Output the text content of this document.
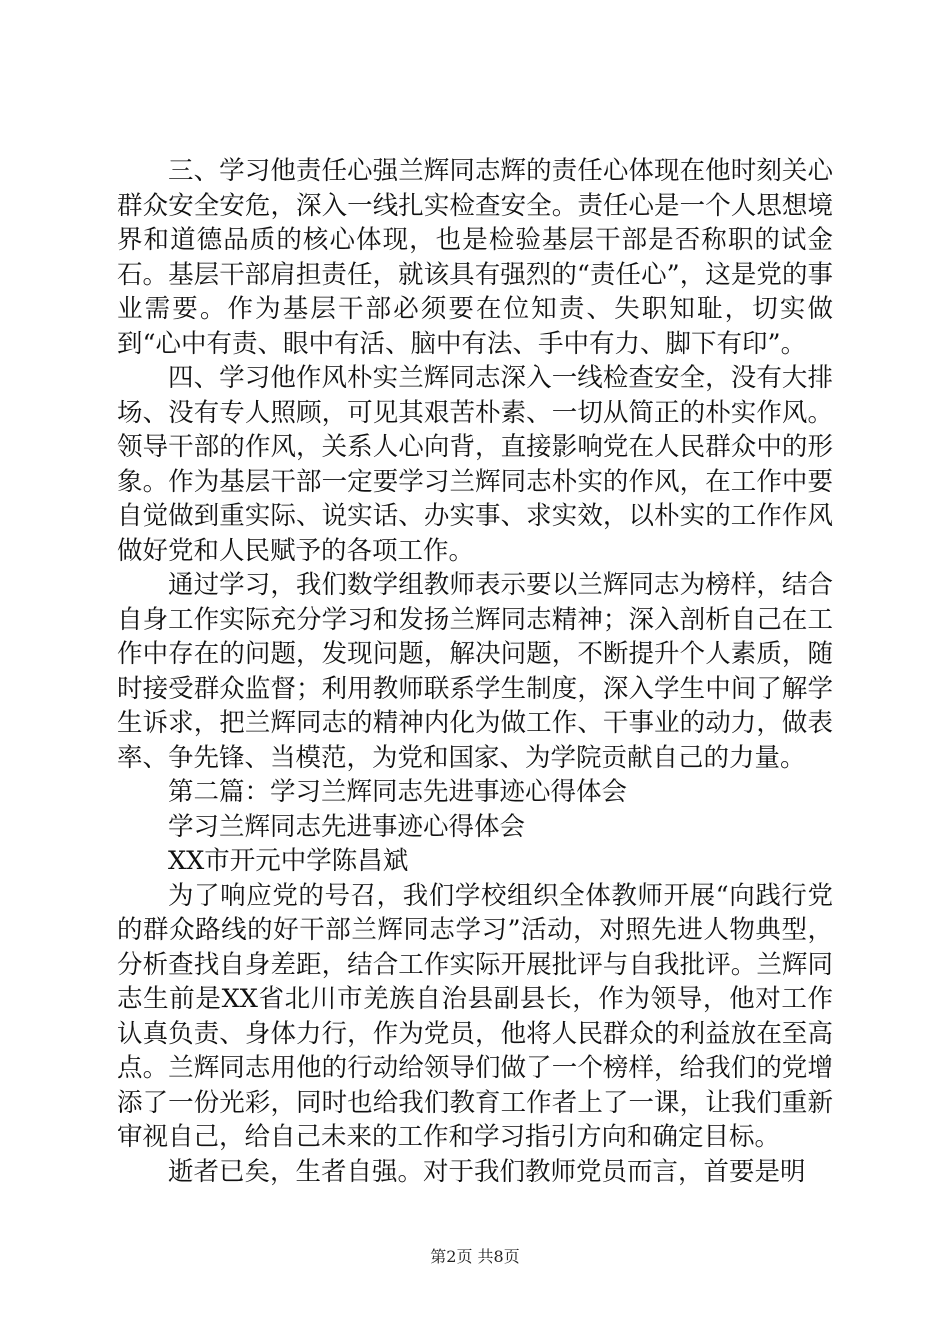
三、学习他责任心强兰辉同志辉的责任心体现在他时刻关心群众安全安危，深入一线扎实检查安全。责任心是一个人思想境界和道德品质的核心体现，也是检验基层干部是否称职的试金石。基层干部肩担责任，就该具有强烈的“责任心”，这是党的事业需要。作为基层干部必须要在位知责、失职知耻，切实做到“心中有责、眼中有活、脑中有法、手中有力、脚下有印”。

四、学习他作风朴实兰辉同志深入一线检查安全，没有大排场、没有专人照顾，可见其艰苦朴素、一切从简正的朴实作风。领导干部的作风，关系人心向背，直接影响党在人民群众中的形象。作为基层干部一定要学习兰辉同志朴实的作风，在工作中要自觉做到重实际、说实话、办实事、求实效，以朴实的工作作风做好党和人民赋予的各项工作。

通过学习，我们数学组教师表示要以兰辉同志为榜样，结合自身工作实际充分学习和发扬兰辉同志精神；深入剖析自己在工作中存在的问题，发现问题，解决问题，不断提升个人素质，随时接受群众监督；利用教师联系学生制度，深入学生中间了解学生诉求，把兰辉同志的精神内化为做工作、干事业的动力，做表率、争先锋、当模范，为党和国家、为学院贡献自己的力量。

第二篇：学习兰辉同志先进事迹心得体会

学习兰辉同志先进事迹心得体会

XX市开元中学陈昌斌

为了响应党的号召，我们学校组织全体教师开展“向践行党的群众路线的好干部兰辉同志学习”活动，对照先进人物典型，分析查找自身差距，结合工作实际开展批评与自我批评。兰辉同志生前是XX省北川市羌族自治县副县长，作为领导，他对工作认真负责、身体力行，作为党员，他将人民群众的利益放在至高点。兰辉同志用他的行动给领导们做了一个榜样，给我们的党增添了一份光彩，同时也给我们教育工作者上了一课，让我们重新审视自己，给自己未来的工作和学习指引方向和确定目标。

逝者已矣，生者自强。对于我们教师党员而言，首要是明

第2页 共8页
